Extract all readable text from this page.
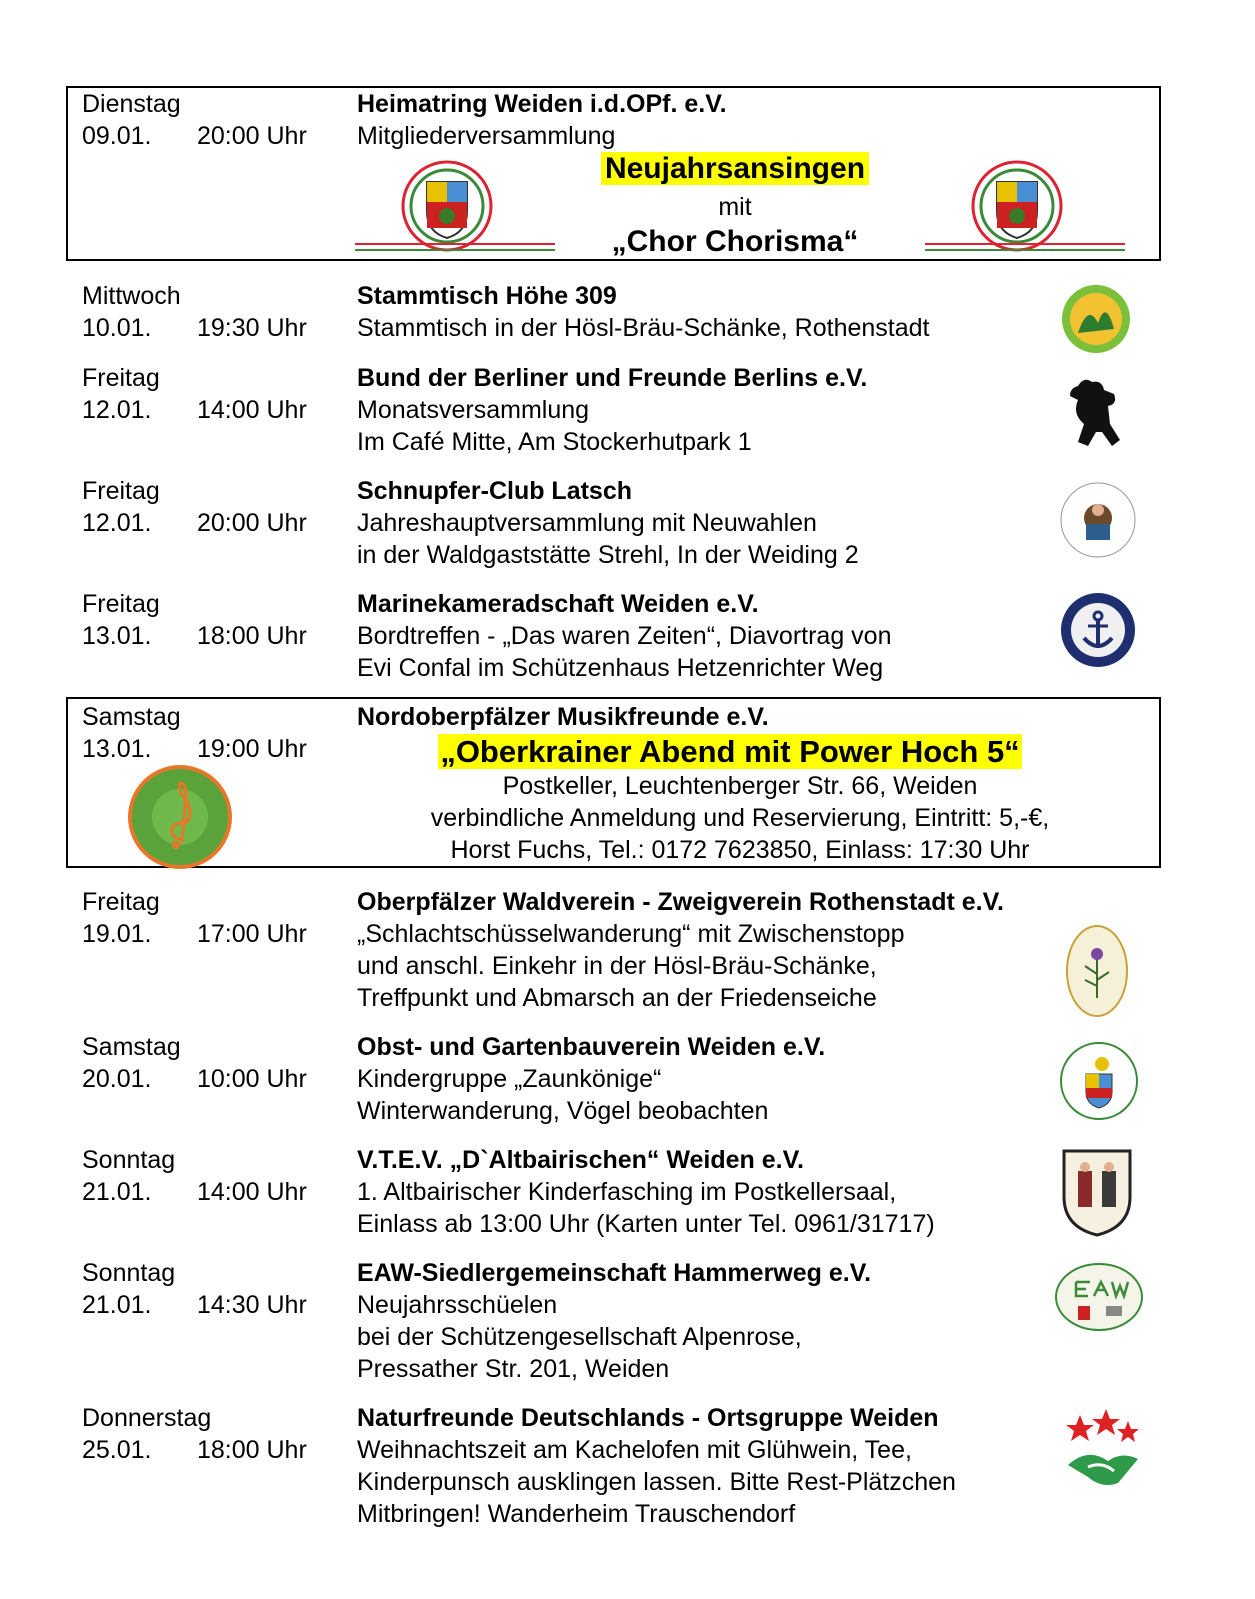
Dienstag
09.01. 20:00 Uhr
Heimatring Weiden i.d.OPf. e.V.
Mitgliederversammlung
Neujahrsansingen
mit
„Chor Chorisma“
Mittwoch
10.01. 19:30 Uhr
Stammtisch Höhe 309
Stammtisch in der Hösl-Bräu-Schänke, Rothenstadt
Freitag
12.01. 14:00 Uhr
Bund der Berliner und Freunde Berlins e.V.
Monatsversammlung
Im Café Mitte, Am Stockerhutpark 1
Freitag
12.01. 20:00 Uhr
Schnupfer-Club Latsch
Jahreshauptversammlung mit Neuwahlen
in der Waldgaststätte Strehl, In der Weiding 2
Freitag
13.01. 18:00 Uhr
Marinekameradschaft Weiden e.V.
Bordtreffen - „Das waren Zeiten“, Diavortrag von
Evi Confal im Schützenhaus Hetzenrichter Weg
Samstag
13.01. 19:00 Uhr
Nordoberpfälzer Musikfreunde e.V.
„Oberkrainer Abend mit Power Hoch 5“
Postkeller, Leuchtenberger Str. 66, Weiden
verbindliche Anmeldung und Reservierung, Eintritt: 5,-€,
Horst Fuchs, Tel.: 0172 7623850, Einlass: 17:30 Uhr
Freitag
19.01. 17:00 Uhr
Oberpfälzer Waldverein - Zweigverein Rothenstadt e.V.
„Schlachtschüsselwanderung“ mit Zwischenstopp
und anschl. Einkehr in der Hösl-Bräu-Schänke,
Treffpunkt und Abmarsch an der Friedenseiche
Samstag
20.01. 10:00 Uhr
Obst- und Gartenbauverein Weiden e.V.
Kindergruppe „Zaunkönige“
Winterwanderung, Vögel beobachten
Sonntag
21.01. 14:00 Uhr
V.T.E.V. „D`Altbairischen“ Weiden e.V.
1. Altbairischer Kinderfasching im Postkellersaal,
Einlass ab 13:00 Uhr (Karten unter Tel. 0961/31717)
Sonntag
21.01. 14:30 Uhr
EAW-Siedlergemeinschaft Hammerweg e.V.
Neujahrsschüelen
bei der Schützengesellschaft Alpenrose,
Pressather Str. 201, Weiden
Donnerstag
25.01. 18:00 Uhr
Naturfreunde Deutschlands - Ortsgruppe Weiden
Weihnachtszeit am Kachelofen mit Glühwein, Tee,
Kinderpunsch ausklingen lassen. Bitte Rest-Plätzchen
Mitbringen! Wanderheim Trauschendorf
